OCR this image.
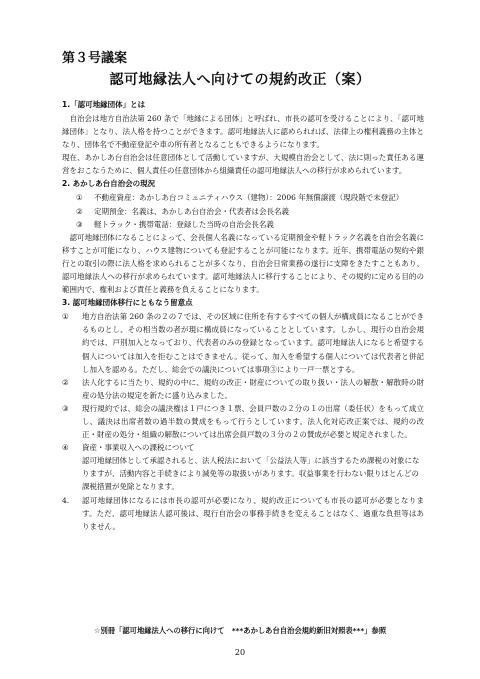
第３号議案
認可地縁法人へ向けての規約改正（案）

1.「認可地縁団体」とは

自治会は地方自治法第 260 条で「地縁による団体」と呼ばれ、市長の認可を受けることにより、「認可地縁団体」となり、法人格を持つことができます。認可地縁法人に認められれば、法律上の権利義務の主体となり、団体名で不動産登記や車の所有者となることもできるようになります。

現在、あかしあ台自治会は任意団体として活動していますが、大規模自治会として、法に則った責任ある運営をおこなうために、個人責任の任意団体から組織責任の認可地縁法人への移行が求められています。

2. あかしあ台自治会の現況

①	不動産資産：あかしあ台コミュニティハウス（建物）：2006 年無償譲渡（現段階で未登記）
②	定期預金：名義は、あかしあ台自治会・代表者は会長名義
③	軽トラック・携帯電話：登録した当時の自治会長名義

認可地縁団体になることによって、会長個人名義になっている定期預金や軽トラック名義を自治会名義に移すことが可能になり、ハウス建物についても登記することが可能になります。近年、携帯電話の契約や銀行との取引の際に法人格を求められることが多くなり、自治会日常業務の遂行に支障をきたすこともあり、認可地縁法人への移行が求められています。認可地縁法人に移行することにより、その規約に定める目的の範囲内で、権利および責任と義務を負えることになります。

3. 認可地縁団体移行にともなう留意点

①	地方自治法第 260 条の２の７では、その区域に住所を有するすべての個人が構成員になることができるものとし、その相当数の者が現に構成員になっていることとしています。しかし、現行の自治会規約では、戸別加入となっており、代表者のみの登録となっています。認可地縁法人になると希望する個人については加入を拒むことはできません。従って、加入を希望する個人については代表者と併記し加入を認める。ただし、総会での議決については事項③により一戸一票とする。
②	法人化するに当たり、規約の中に、規約の改正・財産についての取り扱い・法人の解散・解散時の財産の処分法の規定を新たに盛り込みました。
③	現行規約では、総会の議決権は１戸につき１票、会員戸数の２分の１の出席（委任状）をもって成立し、議決は出席者数の過半数の賛成をもって行うとしています。法人化対応改正案では、規約の改正・財産の処分・組織の解散については出席会員戸数の３分の２の賛成が必要と規定されました。
④	資産・事業収入への課税について
認可地縁団体として承認されると、法人税法において「公益法人等」に該当するため課税の対象になりますが、活動内容と手続きにより減免等の取扱いがあります。収益事業を行わない限りほとんどの課税措置が免除となります。
4.	認可地縁団体になるには市長の認可が必要になり、規約改正についても市長の認可が必要となります。ただ、認可地縁法人認可後は、現行自治会の事務手続きを変えることはなく、過重な負担等はありません。
☆別冊「認可地縁法人への移行に向けて　***あかしあ台自治会規約新旧対照表***」参照
20
